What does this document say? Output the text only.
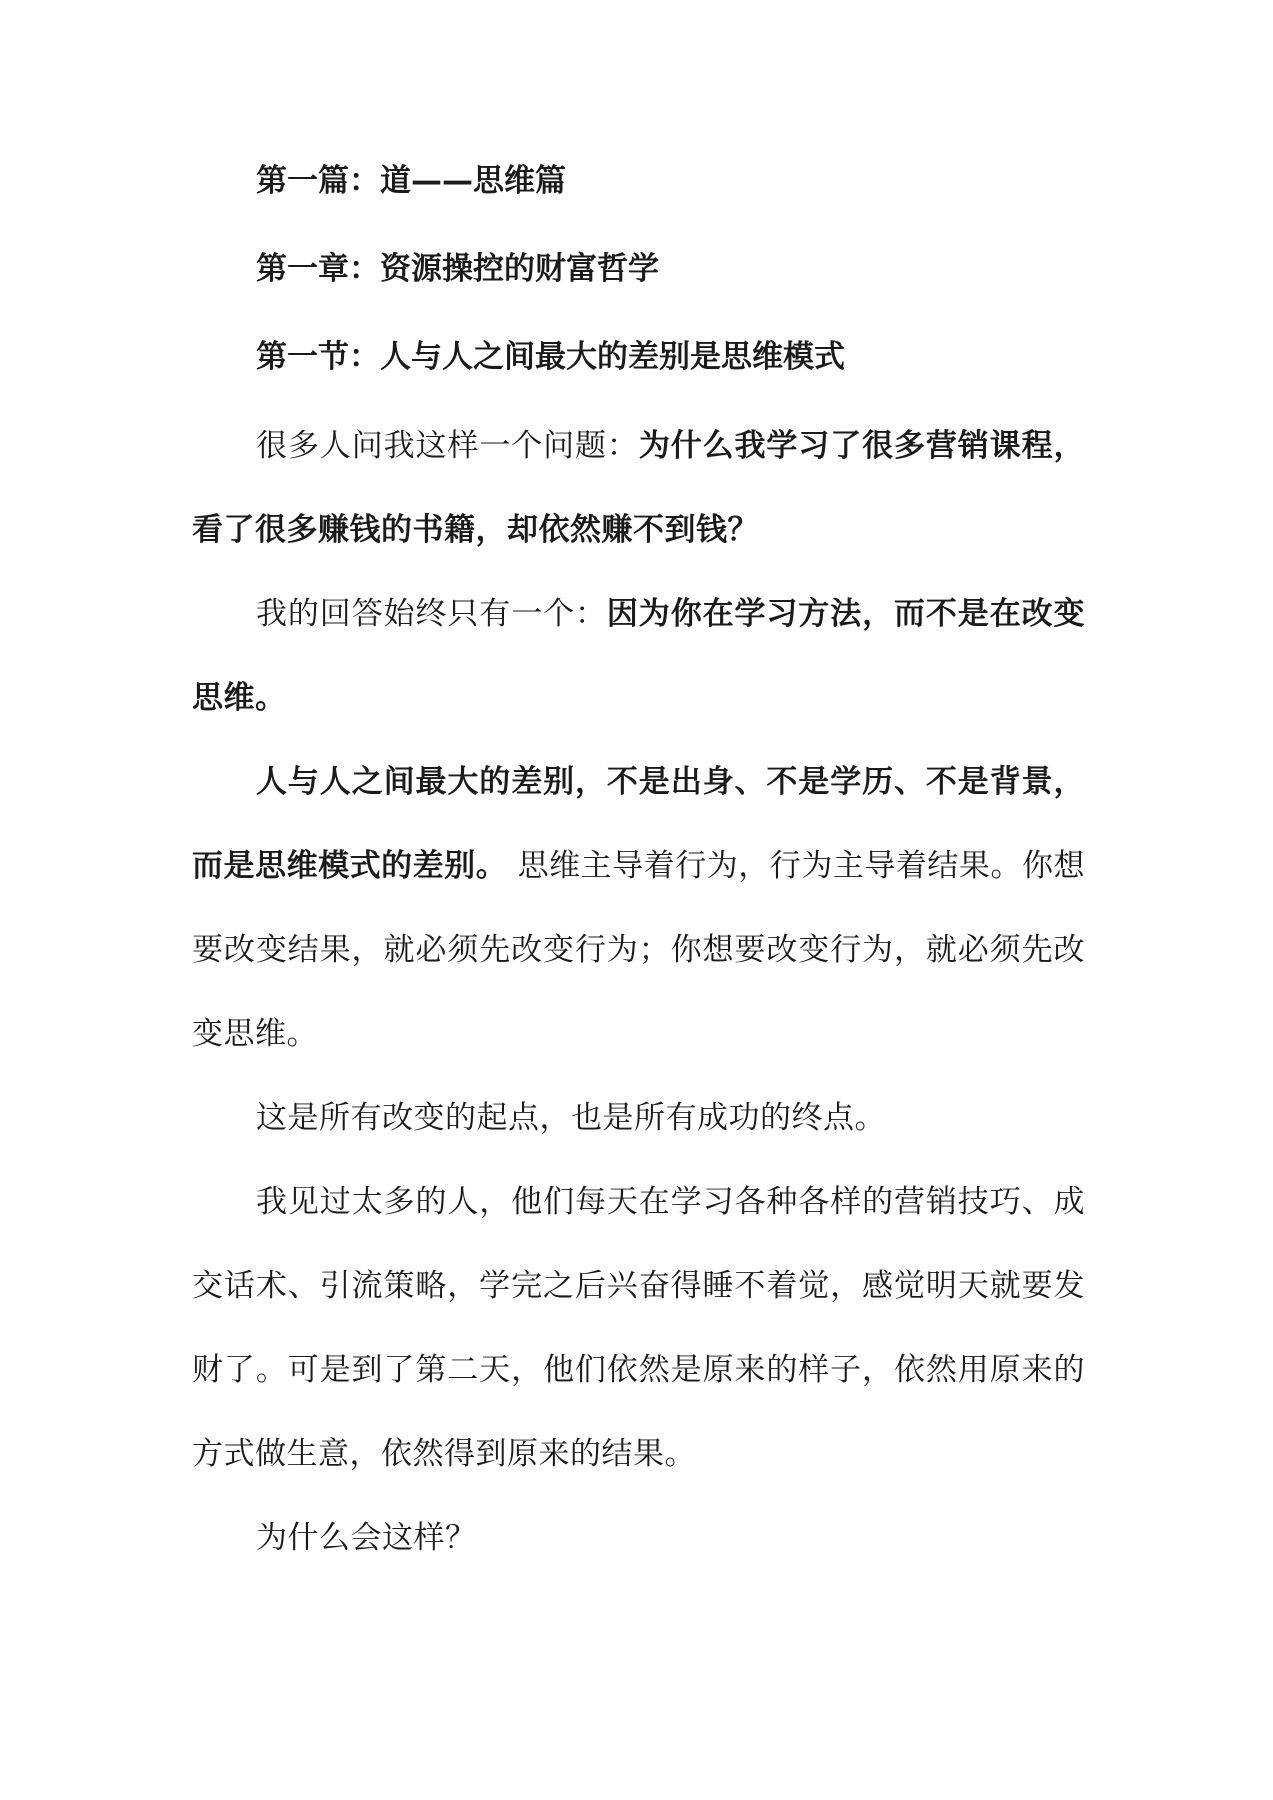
第一篇：道——思维篇
第一章：资源操控的财富哲学
第一节：人与人之间最大的差别是思维模式

很多人问我这样一个问题：为什么我学习了很多营销课程，看了很多赚钱的书籍，却依然赚不到钱？

我的回答始终只有一个：因为你在学习方法，而不是在改变思维。

人与人之间最大的差别，不是出身、不是学历、不是背景，而是思维模式的差别。 思维主导着行为，行为主导着结果。你想要改变结果，就必须先改变行为；你想要改变行为，就必须先改变思维。

这是所有改变的起点，也是所有成功的终点。

我见过太多的人，他们每天在学习各种各样的营销技巧、成交话术、引流策略，学完之后兴奋得睡不着觉，感觉明天就要发财了。可是到了第二天，他们依然是原来的样子，依然用原来的方式做生意，依然得到原来的结果。

为什么会这样？
